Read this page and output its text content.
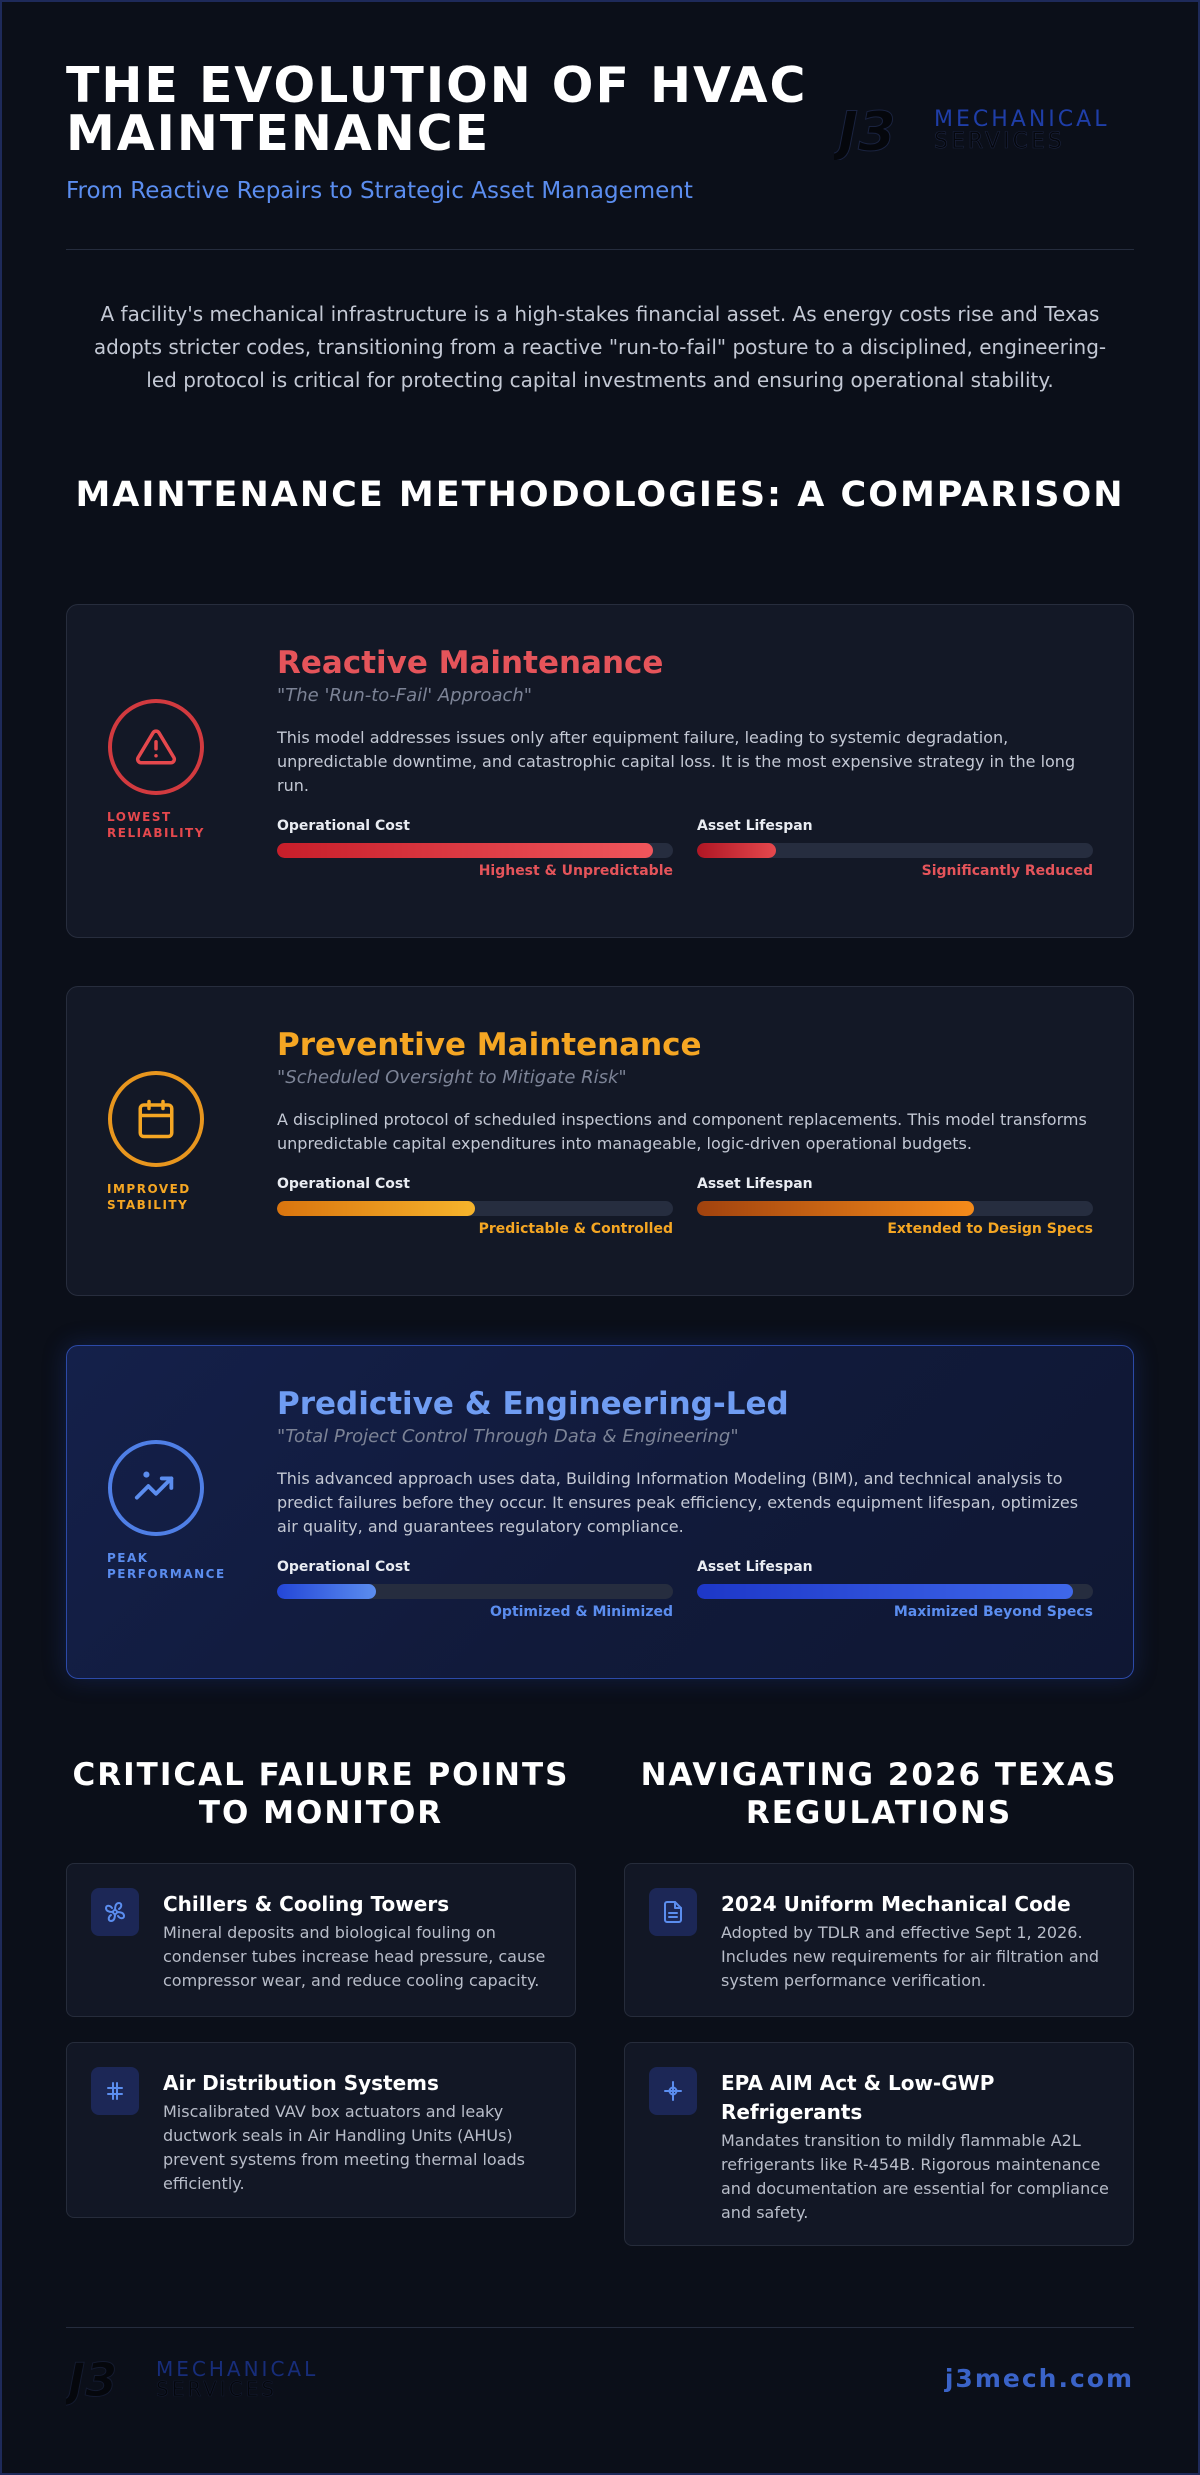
THE EVOLUTION OF HVAC MAINTENANCE
From Reactive Repairs to Strategic Asset Management
J3 MECHANICAL
SERVICES

A facility's mechanical infrastructure is a high-stakes financial asset. As energy costs rise and Texas adopts stricter codes, transitioning from a reactive "run-to-fail" posture to a disciplined, engineering-led protocol is critical for protecting capital investments and ensuring operational stability.

MAINTENANCE METHODOLOGIES: A COMPARISON
LOWEST RELIABILITY
Reactive Maintenance
"The 'Run-to-Fail' Approach"
This model addresses issues only after equipment failure, leading to systemic degradation, unpredictable downtime, and catastrophic capital loss. It is the most expensive strategy in the long run.
Operational Cost
Highest & Unpredictable
Asset Lifespan
Significantly Reduced
IMPROVED STABILITY
Preventive Maintenance
"Scheduled Oversight to Mitigate Risk"
A disciplined protocol of scheduled inspections and component replacements. This model transforms unpredictable capital expenditures into manageable, logic-driven operational budgets.
Operational Cost
Predictable & Controlled
Asset Lifespan
Extended to Design Specs
PEAK PERFORMANCE
Predictive & Engineering-Led
"Total Project Control Through Data & Engineering"
This advanced approach uses data, Building Information Modeling (BIM), and technical analysis to predict failures before they occur. It ensures peak efficiency, extends equipment lifespan, optimizes air quality, and guarantees regulatory compliance.
Operational Cost
Optimized & Minimized
Asset Lifespan
Maximized Beyond Specs
CRITICAL FAILURE POINTS TO MONITOR
Chillers & Cooling Towers
Mineral deposits and biological fouling on condenser tubes increase head pressure, cause compressor wear, and reduce cooling capacity.
Air Distribution Systems
Miscalibrated VAV box actuators and leaky ductwork seals in Air Handling Units (AHUs) prevent systems from meeting thermal loads efficiently.
NAVIGATING 2026 TEXAS REGULATIONS
2024 Uniform Mechanical Code
Adopted by TDLR and effective Sept 1, 2026. Includes new requirements for air filtration and system performance verification.
EPA AIM Act & Low-GWP Refrigerants
Mandates transition to mildly flammable A2L refrigerants like R-454B. Rigorous maintenance and documentation are essential for compliance and safety.
J3 MECHANICAL
SERVICES	j3mech.com
